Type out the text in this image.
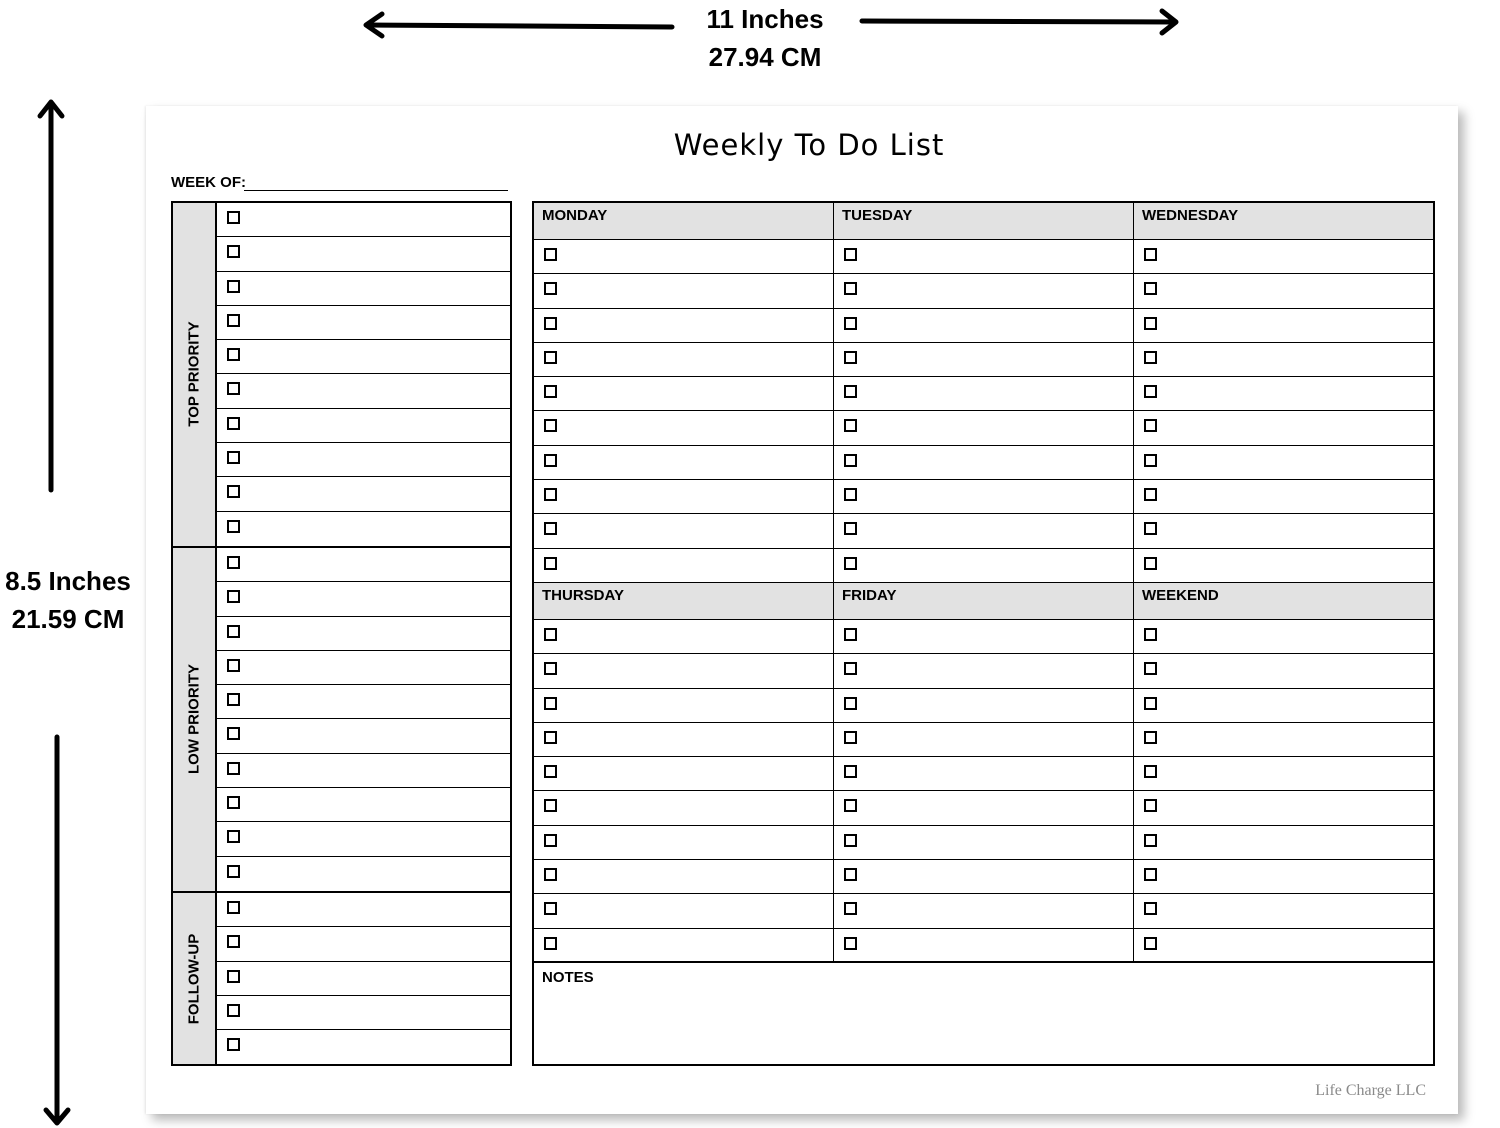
11 Inches
27.94 CM
8.5 Inches
21.59 CM
Weekly To Do List
WEEK OF:
TOP PRIORITY
LOW PRIORITY
FOLLOW-UP
MONDAY	TUESDAY	WEDNESDAY
THURSDAY	FRIDAY	WEEKEND
NOTES
Life Charge LLC
